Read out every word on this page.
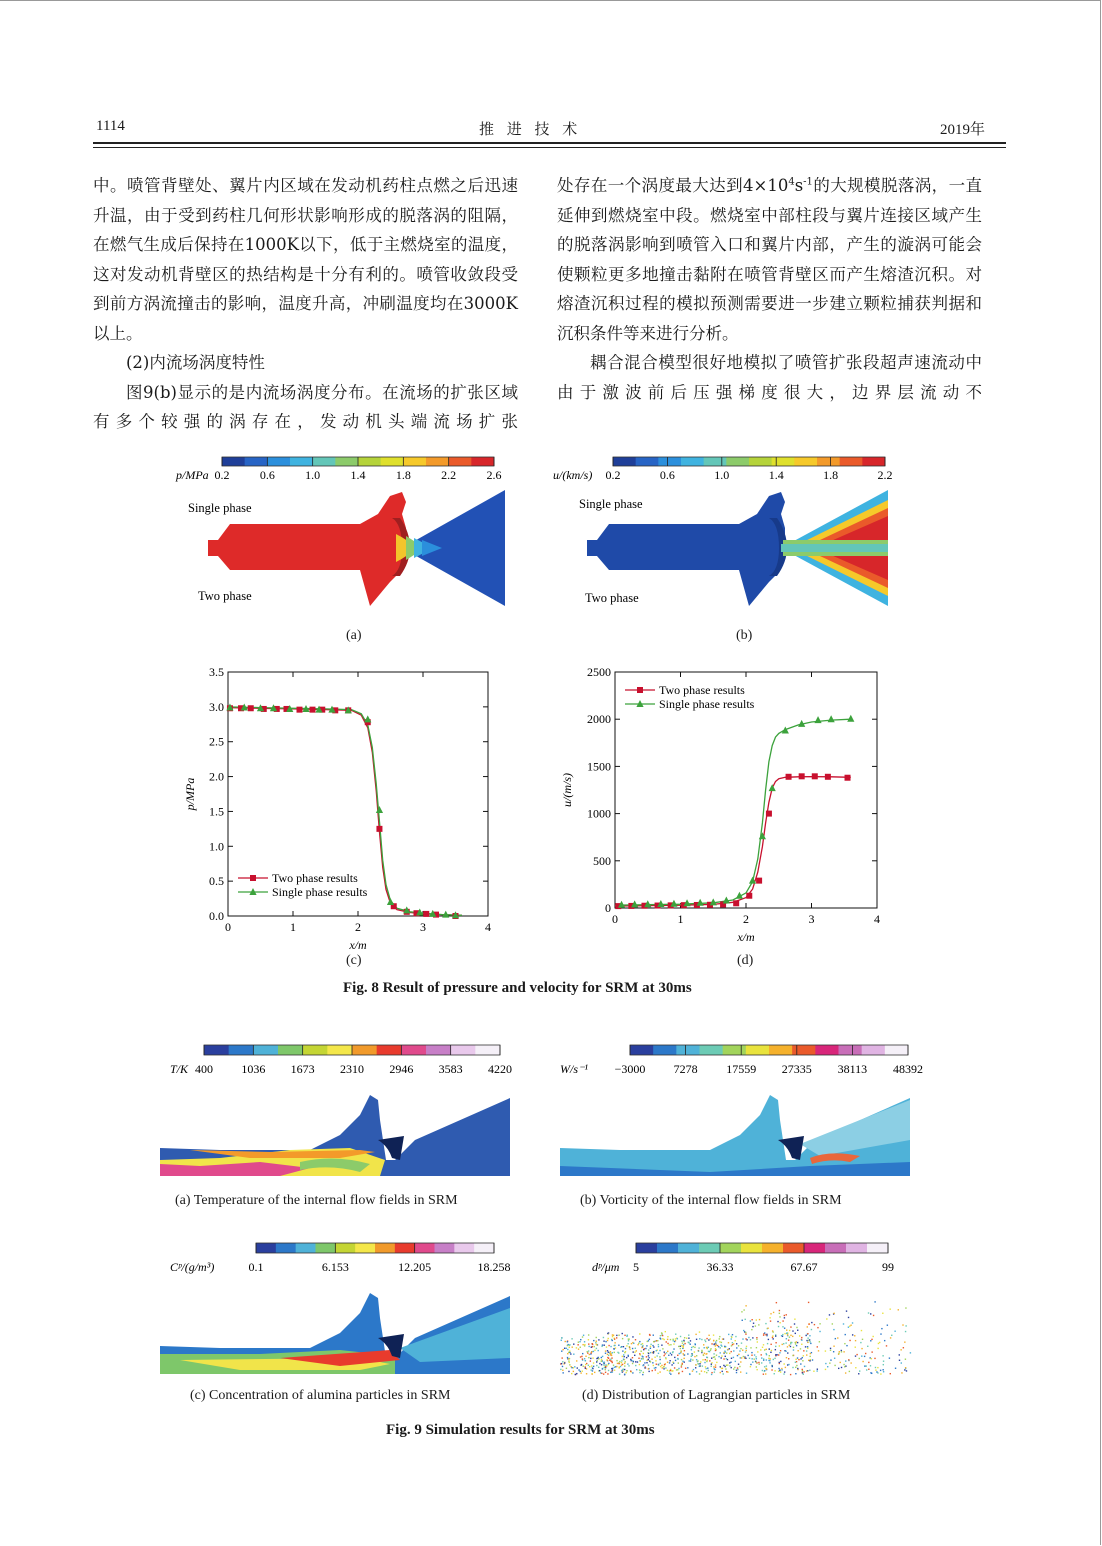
1114	推 进 技 术	2019年

中。喷管背壁处、翼片内区域在发动机药柱点燃之后迅速升温，由于受到药柱几何形状影响形成的脱落涡的阻隔，在燃气生成后保持在1000K以下，低于主燃烧室的温度，这对发动机背壁区的热结构是十分有利的。喷管收敛段受到前方涡流撞击的影响，温度升高，冲刷温度均在3000K以上。

(2)内流场涡度特性

图9(b)显示的是内流场涡度分布。在流场的扩张区域有多个较强的涡存在，发动机头端流场扩张

处存在一个涡度最大达到$4\times 10^4s^{-1}$的大规模脱落涡，一直延伸到燃烧室中段。燃烧室中部柱段与翼片连接区域产生的脱落涡影响到喷管入口和翼片内部，产生的漩涡可能会使颗粒更多地撞击黏附在喷管背壁区而产生熔渣沉积。对熔渣沉积过程的模拟预测需要进一步建立颗粒捕获判据和沉积条件等来进行分析。

耦合混合模型很好地模拟了喷管扩张段超声速流动中由于激波前后压强梯度很大，边界层流动不

p/MPa 0.2	0.6	1.0	1.4	1.8	2.2	2.6
Single phase
Two phase
(a)
u/(km/s) 0.2	0.6	1.0	1.4	1.8	2.2
Single phase
Two phase
(b)
0	1	2	3	4
0.0
0.5
1.0
1.5
2.0
2.5
3.0
3.5
x/m
p/MPa
Two phase results
Single phase results
(c)
0	1	2	3	4
0
500
1000
1500
2000
2500
x/m
u/(m/s)
Two phase results
Single phase results
(d)
Fig. 8 Result of pressure and velocity for SRM at 30ms
T/K 400 1036 1673 2310 2946 3583 4220
(a) Temperature of the internal flow fields in SRM
W/s⁻¹ −3000 7278 17559 27335 38113 48392
(b) Vorticity of the internal flow fields in SRM
Cᵖ/(g/m³)	0.1	6.153	12.205	18.258
(c) Concentration of alumina particles in SRM
dᵖ/μm 5	36.33	67.67	99
(d) Distribution of Lagrangian particles in SRM
Fig. 9 Simulation results for SRM at 30ms
